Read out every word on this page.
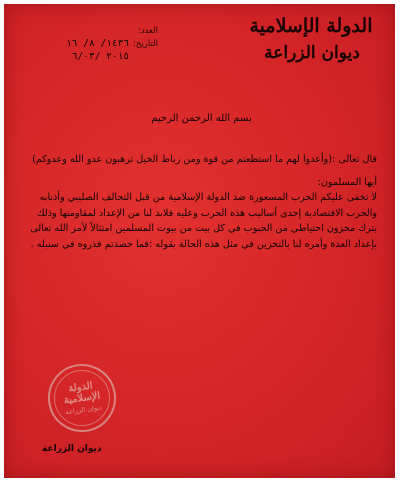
الدولة الإسلامية
ديوان الزراعة
العدد:
التاريخ:
١٤٣٦/ ٨/ ١٦
٢٠١٥ /٦/٠٣
بسم الله الرحمن الرحيم

قال تعالى :(وأعدوا لهم ما استطعتم من قوة ومن رباط الخيل ترهبون عدو الله وعدوكم)

أيها المسلمون:

لا تخفى عليكم الحرب المسعورة ضد الدولة الإسلامية من قبل التحالف الصليبي وأذنابه والحرب الاقتصادية إحدى أساليب هذه الحرب وعليه فلابد لنا من الإعداد لمقاومتها وذلك بترك مخزون احتياطي من الحبوب في كل بيت من بيوت المسلمين امتثالاً لأمر الله تعالى بإعداد العدة وأمره لنا بالتخزين في مثل هذه الحالة بقوله :فما حصدتم فذروه في سنبله .

الدولة الإسلامية
ديوان الزراعة
ديوان الزراعة
